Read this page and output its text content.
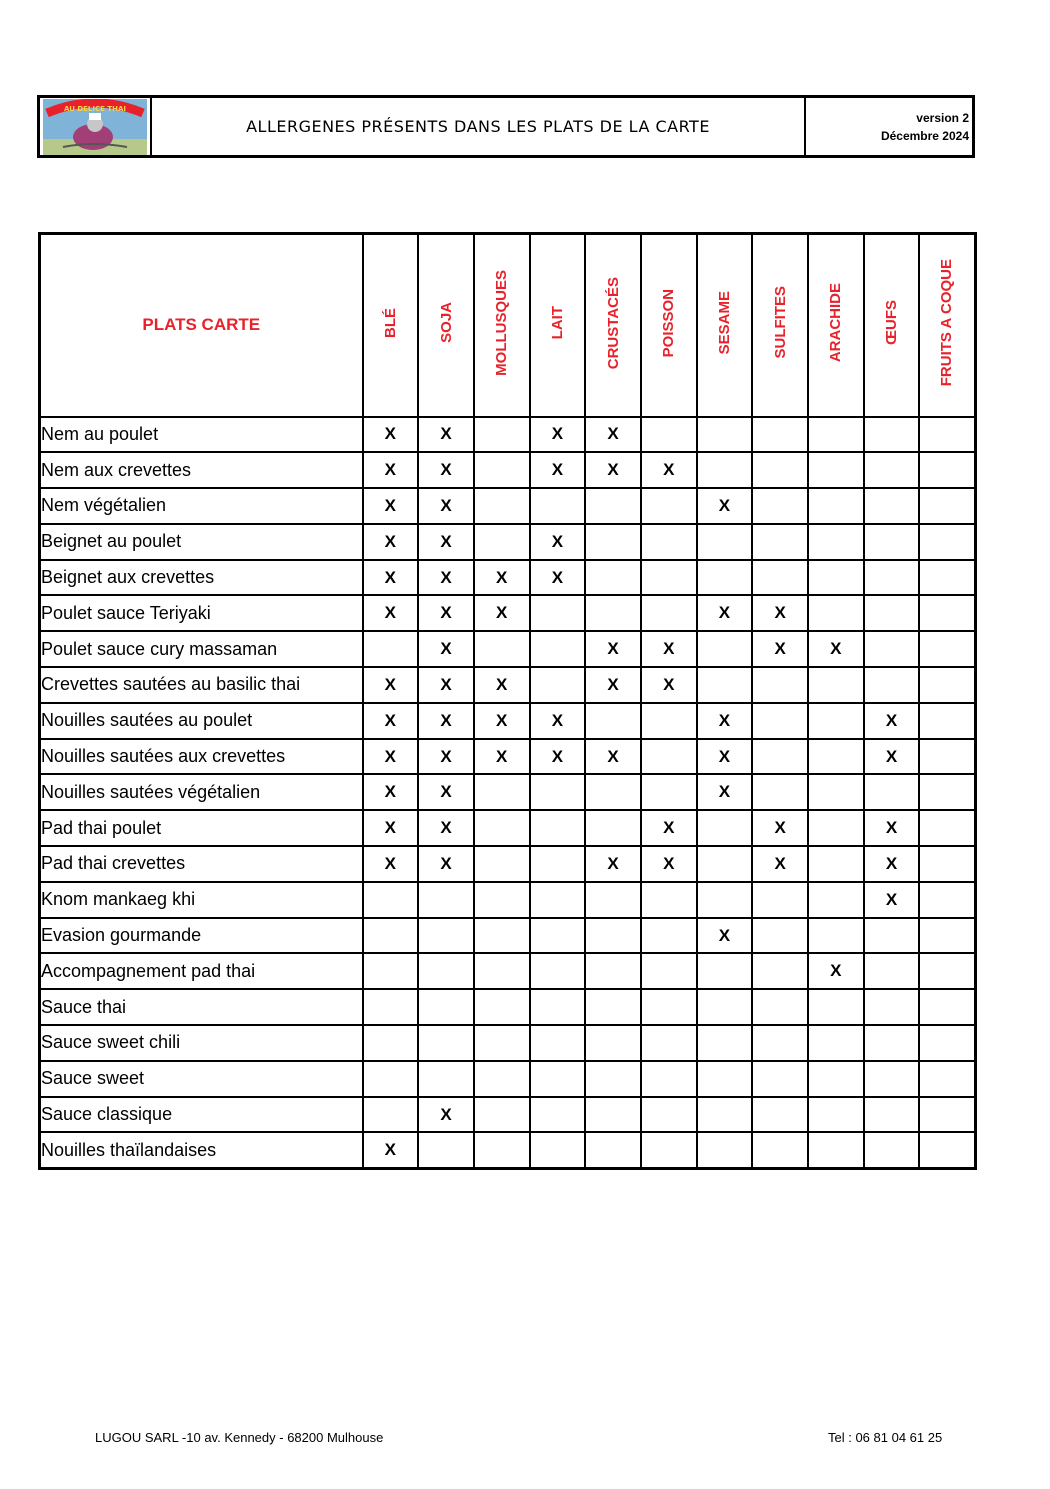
AU DELICE THAI
ALLERGENES PRÉSENTS DANS LES PLATS DE LA CARTE	version 2
Décembre 2024
PLATS CARTE	BLÉ	SOJA	MOLLUSQUES	LAIT	CRUSTACÉS	POISSON	SESAME	SULFITES	ARACHIDE	ŒUFS	FRUITS A COQUE
Nem au poulet	X	X		X	X						
Nem aux crevettes	X	X		X	X	X					
Nem végétalien	X	X					X				
Beignet au poulet	X	X		X							
Beignet aux crevettes	X	X	X	X							
Poulet sauce Teriyaki	X	X	X				X	X			
Poulet sauce cury massaman		X			X	X		X	X		
Crevettes sautées au basilic thai	X	X	X		X	X					
Nouilles sautées au poulet	X	X	X	X			X			X	
Nouilles sautées aux crevettes	X	X	X	X	X		X			X	
Nouilles sautées végétalien	X	X					X				
Pad thai poulet	X	X				X		X		X	
Pad thai crevettes	X	X			X	X		X		X	
Knom mankaeg khi										X	
Evasion gourmande							X				
Accompagnement pad thai									X		
Sauce thai											
Sauce sweet chili											
Sauce sweet											
Sauce classique		X									
Nouilles thaïlandaises	X										
LUGOU SARL -10 av. Kennedy - 68200 Mulhouse	Tel : 06 81 04 61 25
